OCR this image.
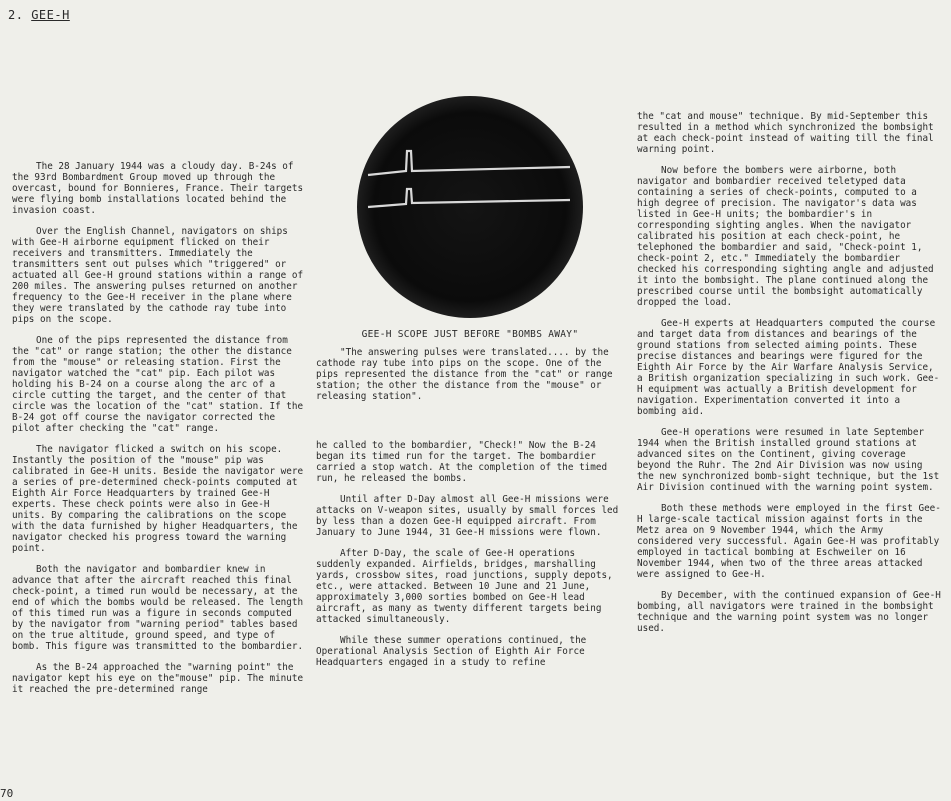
2. GEE-H
GEE-H SCOPE JUST BEFORE "BOMBS AWAY"

"The answering pulses were translated.... by the cathode ray tube into pips on the scope. One of the pips represented the distance from the "cat" or range station; the other the distance from the "mouse" or releasing station".

The 28 January 1944 was a cloudy day. B-24s of the 93rd Bombardment Group moved up through the overcast, bound for Bonnieres, France. Their targets were flying bomb installations located behind the invasion coast.

Over the English Channel, navigators on ships with Gee-H airborne equipment flicked on their receivers and transmitters. Immediately the transmitters sent out pulses which "triggered" or actuated all Gee-H ground stations within a range of 200 miles. The answering pulses returned on another frequency to the Gee-H receiver in the plane where they were translated by the cathode ray tube into pips on the scope.

One of the pips represented the distance from the "cat" or range station; the other the distance from the "mouse" or releasing station. First the navigator watched the "cat" pip. Each pilot was holding his B-24 on a course along the arc of a circle cutting the target, and the center of that circle was the location of the "cat" station. If the B-24 got off course the navigator corrected the pilot after checking the "cat" range.

The navigator flicked a switch on his scope. Instantly the position of the "mouse" pip was calibrated in Gee-H units. Beside the navigator were a series of pre-determined check-points computed at Eighth Air Force Headquarters by trained Gee-H experts. These check points were also in Gee-H units. By comparing the calibrations on the scope with the data furnished by higher Headquarters, the navigator checked his progress toward the warning point.

Both the navigator and bombardier knew in advance that after the aircraft reached this final check-point, a timed run would be necessary, at the end of which the bombs would be released. The length of this timed run was a figure in seconds computed by the navigator from "warning period" tables based on the true altitude, ground speed, and type of bomb. This figure was transmitted to the bombardier.

As the B-24 approached the "warning point" the navigator kept his eye on the"mouse" pip. The minute it reached the pre-determined range

he called to the bombardier, "Check!" Now the B-24 began its timed run for the target. The bombardier carried a stop watch. At the completion of the timed run, he released the bombs.

Until after D-Day almost all Gee-H missions were attacks on V-weapon sites, usually by small forces led by less than a dozen Gee-H equipped aircraft. From January to June 1944, 31 Gee-H missions were flown.

After D-Day, the scale of Gee-H operations suddenly expanded. Airfields, bridges, marshalling yards, crossbow sites, road junctions, supply depots, etc., were attacked. Between 10 June and 21 June, approximately 3,000 sorties bombed on Gee-H lead aircraft, as many as twenty different targets being attacked simultaneously.

While these summer operations continued, the Operational Analysis Section of Eighth Air Force Headquarters engaged in a study to refine

the "cat and mouse" technique. By mid-September this resulted in a method which synchronized the bombsight at each check-point instead of waiting till the final warning point.

Now before the bombers were airborne, both navigator and bombardier received teletyped data containing a series of check-points, computed to a high degree of precision. The navigator's data was listed in Gee-H units; the bombardier's in corresponding sighting angles. When the navigator calibrated his position at each check-point, he telephoned the bombardier and said, "Check-point 1, check-point 2, etc." Immediately the bombardier checked his corresponding sighting angle and adjusted it into the bombsight. The plane continued along the prescribed course until the bombsight automatically dropped the load.

Gee-H experts at Headquarters computed the course and target data from distances and bearings of the ground stations from selected aiming points. These precise distances and bearings were figured for the Eighth Air Force by the Air Warfare Analysis Service, a British organization specializing in such work. Gee-H equipment was actually a British development for navigation. Experimentation converted it into a bombing aid.

Gee-H operations were resumed in late September 1944 when the British installed ground stations at advanced sites on the Continent, giving coverage beyond the Ruhr. The 2nd Air Division was now using the new synchronized bomb-sight technique, but the 1st Air Division continued with the warning point system.

Both these methods were employed in the first Gee-H large-scale tactical mission against forts in the Metz area on 9 November 1944, which the Army considered very successful. Again Gee-H was profitably employed in tactical bombing at Eschweiler on 16 November 1944, when two of the three areas attacked were assigned to Gee-H.

By December, with the continued expansion of Gee-H bombing, all navigators were trained in the bombsight technique and the warning point system was no longer used.

70
